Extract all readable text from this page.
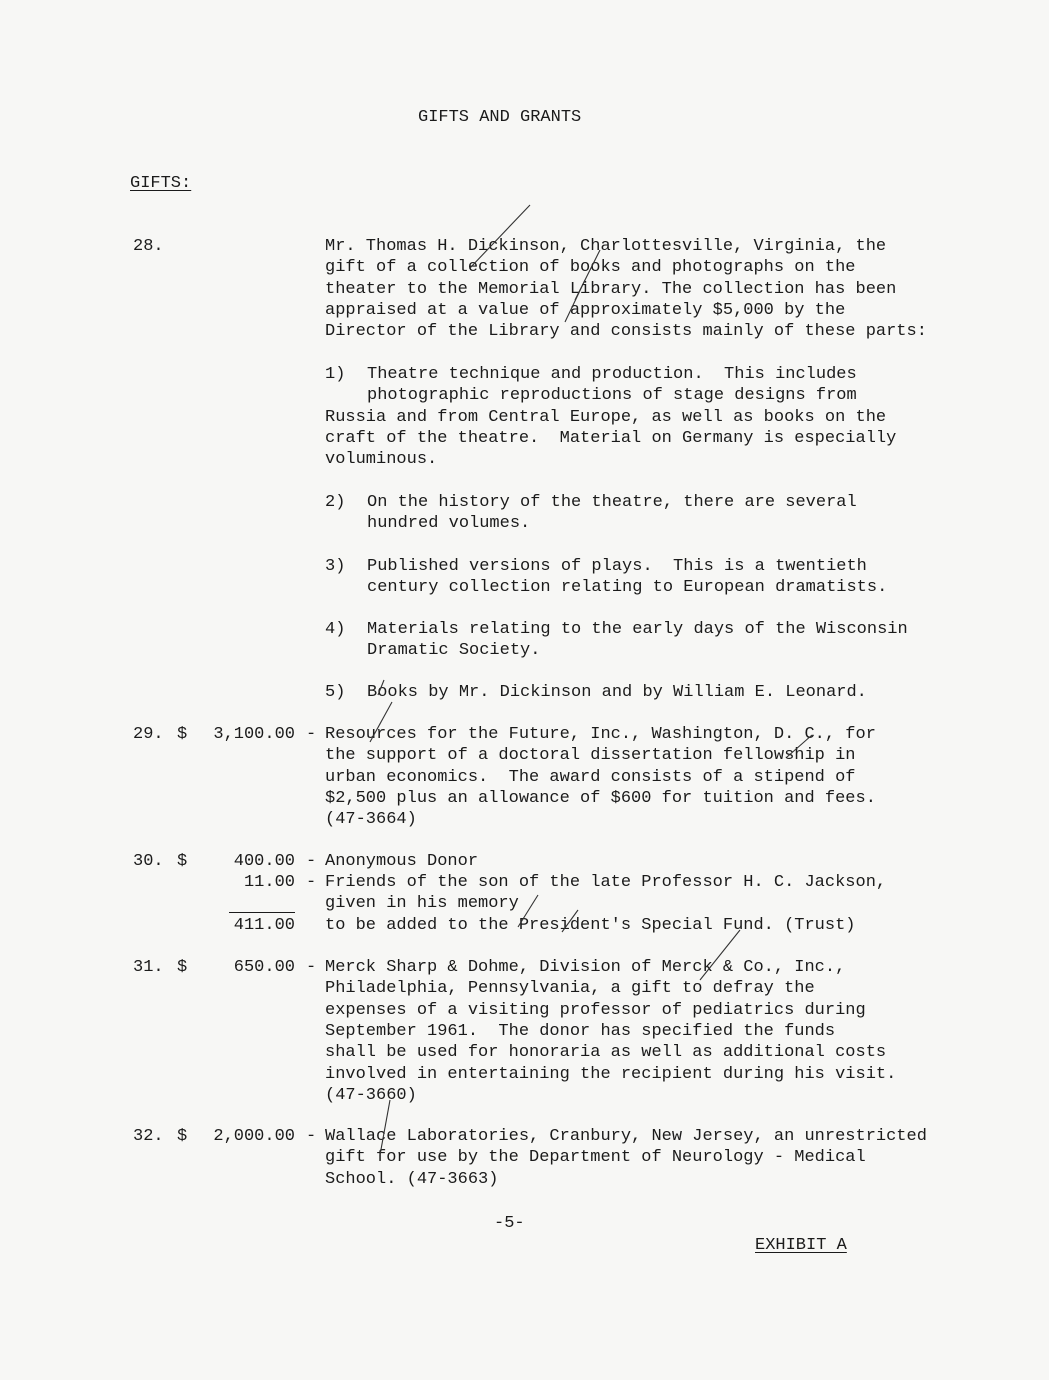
GIFTS AND GRANTS
GIFTS:
28.

	Mr. Thomas H. Dickinson, Charlottesville, Virginia, the

gift of a collection of books and photographs on the

theater to the Memorial Library. The collection has been

appraised at a value of approximately $5,000 by the

Director of the Library and consists mainly of these parts:

1)

Theatre technique and production.  This includes

photographic reproductions of stage designs from

Russia and from Central Europe, as well as books on the

craft of the theatre.  Material on Germany is especially

voluminous.

2)

On the history of the theatre, there are several

hundred volumes.

3)

Published versions of plays.  This is a twentieth

century collection relating to European dramatists.

4)

Materials relating to the early days of the Wisconsin

Dramatic Society.

5)

Books by Mr. Dickinson and by William E. Leonard.

29. $	3,100.00 -

Resources for the Future, Inc., Washington, D. C., for

the support of a doctoral dissertation fellowship in

urban economics.  The award consists of a stipend of

$2,500 plus an allowance of $600 for tuition and fees.

(47-3664)

30. $	400.00 - Anonymous Donor
11.00 - Friends of the son of the late Professor H. C. Jackson,
given in his memory
411.00 to be added to the President's Special Fund. (Trust)
31. $	650.00 -

Merck Sharp & Dohme, Division of Merck & Co., Inc.,

Philadelphia, Pennsylvania, a gift to defray the

expenses of a visiting professor of pediatrics during

September 1961.  The donor has specified the funds

shall be used for honoraria as well as additional costs

involved in entertaining the recipient during his visit.

(47-3660)

32. $	2,000.00 -

Wallace Laboratories, Cranbury, New Jersey, an unrestricted

gift for use by the Department of Neurology - Medical

School. (47-3663)

-5-
EXHIBIT A
